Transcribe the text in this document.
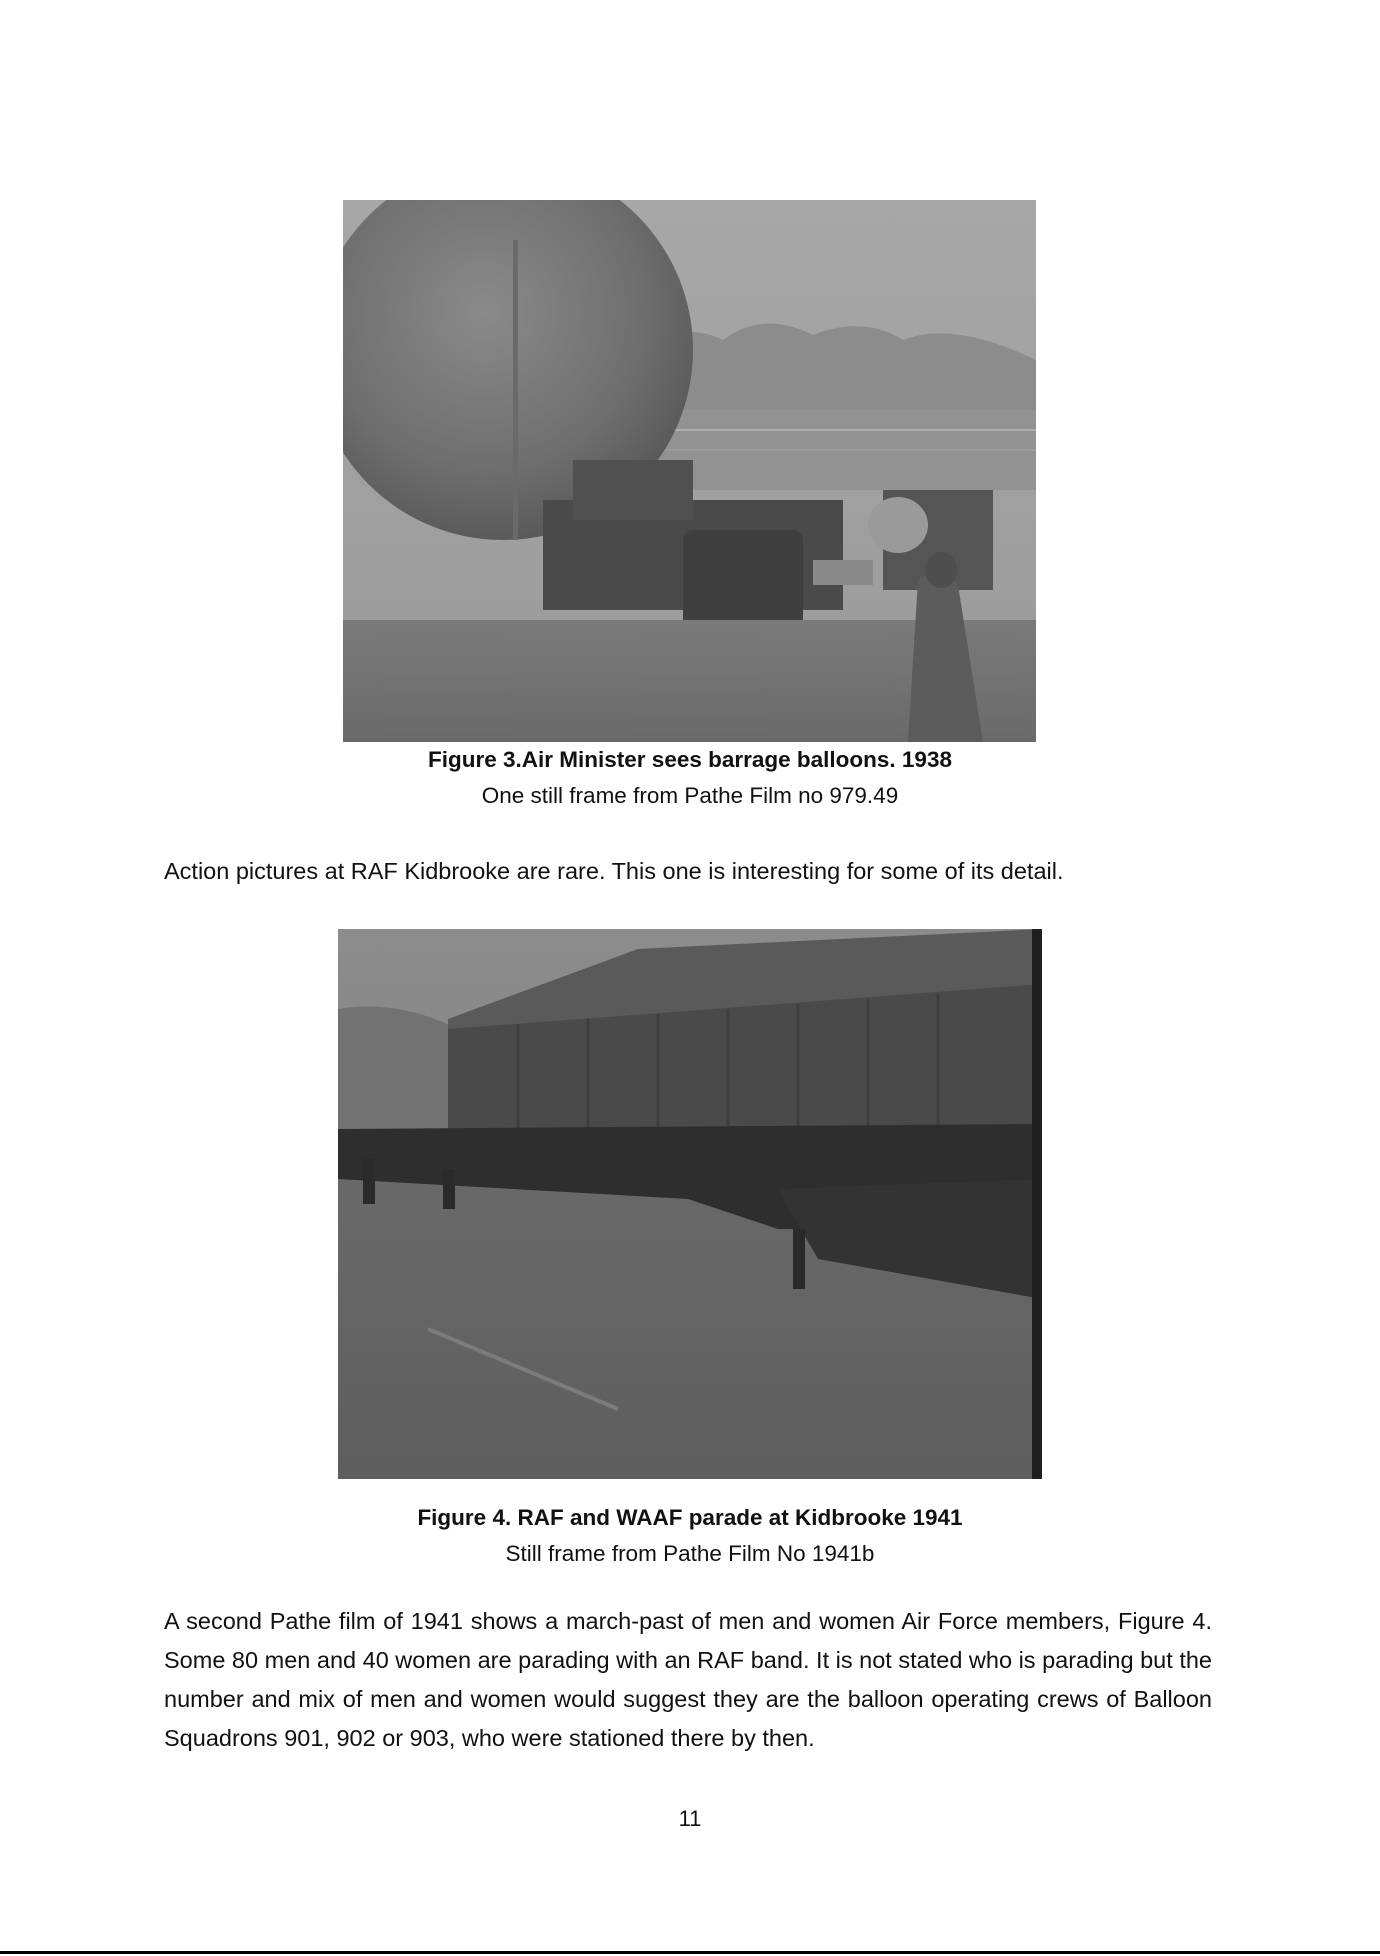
Figure 3.Air Minister sees barrage balloons. 1938
One still frame from Pathe Film no 979.49

Action pictures at RAF Kidbrooke are rare. This one is interesting for some of its detail.

Figure 4. RAF and WAAF parade at Kidbrooke 1941
Still frame from Pathe Film No 1941b

A second Pathe film of 1941 shows a march-past of men and women Air Force members, Figure 4. Some 80 men and 40 women are parading with an RAF band. It is not stated who is parading but the number and mix of men and women would suggest they are the balloon operating crews of Balloon Squadrons 901, 902 or 903, who were stationed there by then.

11
